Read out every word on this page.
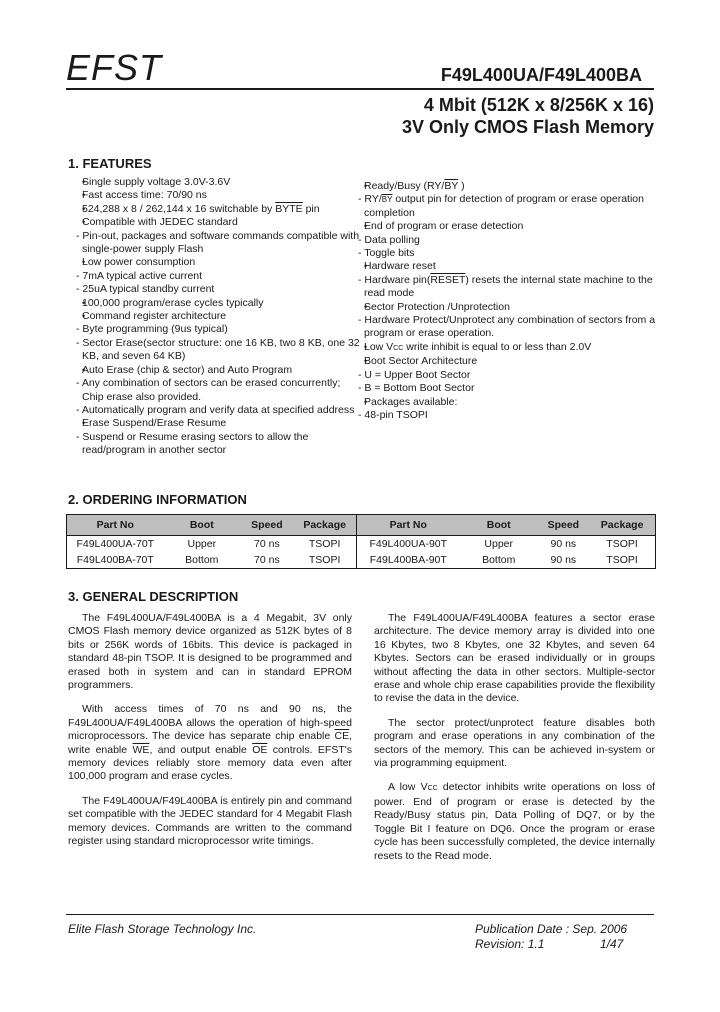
EFST	F49L400UA/F49L400BA
4 Mbit (512K x 8/256K x 16)
3V Only CMOS Flash Memory
1. FEATURES
• Single supply voltage 3.0V-3.6V
• Fast access time: 70/90 ns
• 524,288 x 8 / 262,144 x 16 switchable by BYTE pin
• Compatible with JEDEC standard
- Pin-out, packages and software commands compatible with single-power supply Flash
• Low power consumption
- 7mA typical active current
- 25uA typical standby current
• 100,000 program/erase cycles typically
• Command register architecture
- Byte programming (9us typical)
- Sector Erase(sector structure: one 16 KB, two 8 KB, one 32 KB, and seven 64 KB)
• Auto Erase (chip & sector) and Auto Program
- Any combination of sectors can be erased concurrently; Chip erase also provided.
- Automatically program and verify data at specified address
• Erase Suspend/Erase Resume
- Suspend or Resume erasing sectors to allow the read/program in another sector
• Ready/Busy ($RY/\overline{BY}$ )
- $RY/\overline{BY}$ output pin for detection of program or erase operation completion
• End of program or erase detection
- Data polling
- Toggle bits
• Hardware reset
- Hardware pin(RESET) resets the internal state machine to the read mode
• Sector Protection /Unprotection
- Hardware Protect/Unprotect any combination of sectors from a program or erase operation.
• Low VCC write inhibit is equal to or less than 2.0V
• Boot Sector Architecture
- U = Upper Boot Sector
- B = Bottom Boot Sector
• Packages available:
- 48-pin TSOPI
2. ORDERING INFORMATION
Part No	Boot	Speed	Package	Part No	Boot	Speed	Package
F49L400UA-70T	Upper	70 ns	TSOPI	F49L400UA-90T	Upper	90 ns	TSOPI
F49L400BA-70T	Bottom	70 ns	TSOPI	F49L400BA-90T	Bottom	90 ns	TSOPI
3. GENERAL DESCRIPTION

The F49L400UA/F49L400BA is a 4 Megabit, 3V only CMOS Flash memory device organized as 512K bytes of 8 bits or 256K words of 16bits. This device is packaged in standard 48-pin TSOP. It is designed to be programmed and erased both in system and can in standard EPROM programmers.

With access times of 70 ns and 90 ns, the F49L400UA/F49L400BA allows the operation of high-speed microprocessors. The device has separate chip enable $\overline{CE}$, write enable $\overline{WE}$, and output enable $\overline{OE}$ controls. EFST's memory devices reliably store memory data even after 100,000 program and erase cycles.

The F49L400UA/F49L400BA is entirely pin and command set compatible with the JEDEC standard for 4 Megabit Flash memory devices. Commands are written to the command register using standard microprocessor write timings.

The F49L400UA/F49L400BA features a sector erase architecture. The device memory array is divided into one 16 Kbytes, two 8 Kbytes, one 32 Kbytes, and seven 64 Kbytes. Sectors can be erased individually or in groups without affecting the data in other sectors. Multiple-sector erase and whole chip erase capabilities provide the flexibility to revise the data in the device.

The sector protect/unprotect feature disables both program and erase operations in any combination of the sectors of the memory. This can be achieved in-system or via programming equipment.

A low VCC detector inhibits write operations on loss of power. End of program or erase is detected by the Ready/Busy status pin, Data Polling of DQ7, or by the Toggle Bit I feature on DQ6. Once the program or erase cycle has been successfully completed, the device internally resets to the Read mode.

Elite Flash Storage Technology Inc.	Publication Date : Sep. 2006
Revision: 1.1	1/47
